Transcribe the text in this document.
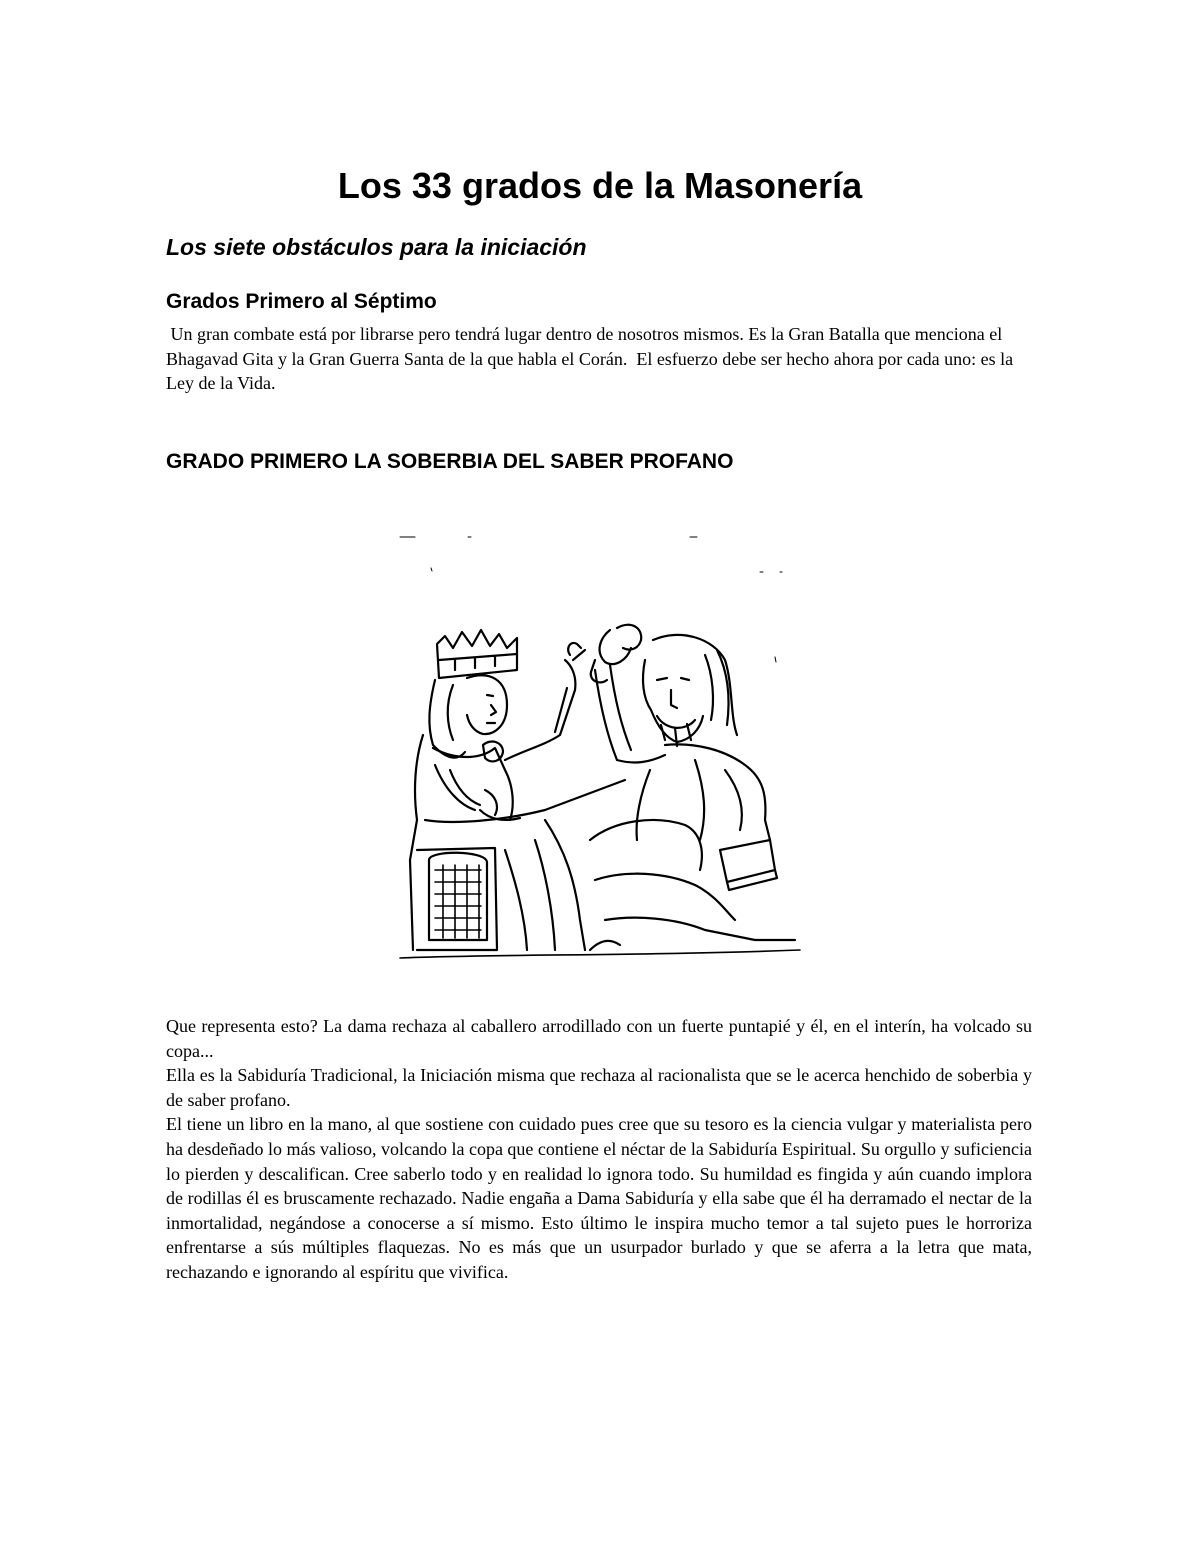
Los 33 grados de la Masonería
Los siete obstáculos para la iniciación
Grados Primero al Séptimo

Un gran combate está por librarse pero tendrá lugar dentro de nosotros mismos. Es la Gran Batalla que menciona el Bhagavad Gita y la Gran Guerra Santa de la que habla el Corán.  El esfuerzo debe ser hecho ahora por cada uno: es la Ley de la Vida.

GRADO PRIMERO LA SOBERBIA DEL SABER PROFANO
Que representa esto? La dama rechaza al caballero arrodillado con un fuerte puntapié y él, en el interín, ha volcado su copa...
Ella es la Sabiduría Tradicional, la Iniciación misma que rechaza al racionalista que se le acerca henchido de soberbia y de saber profano.
El tiene un libro en la mano, al que sostiene con cuidado pues cree que su tesoro es la ciencia vulgar y materialista pero ha desdeñado lo más valioso, volcando la copa que contiene el néctar de la Sabiduría Espiritual. Su orgullo y suficiencia lo pierden y descalifican. Cree saberlo todo y en realidad lo ignora todo. Su humildad es fingida y aún cuando implora de rodillas él es bruscamente rechazado. Nadie engaña a Dama Sabiduría y ella sabe que él ha derramado el nectar de la inmortalidad, negándose a conocerse a sí mismo. Esto último le inspira mucho temor a tal sujeto pues le horroriza enfrentarse a sús múltiples flaquezas. No es más que un usurpador burlado y que se aferra a la letra que mata, rechazando e ignorando al espíritu que vivifica.
